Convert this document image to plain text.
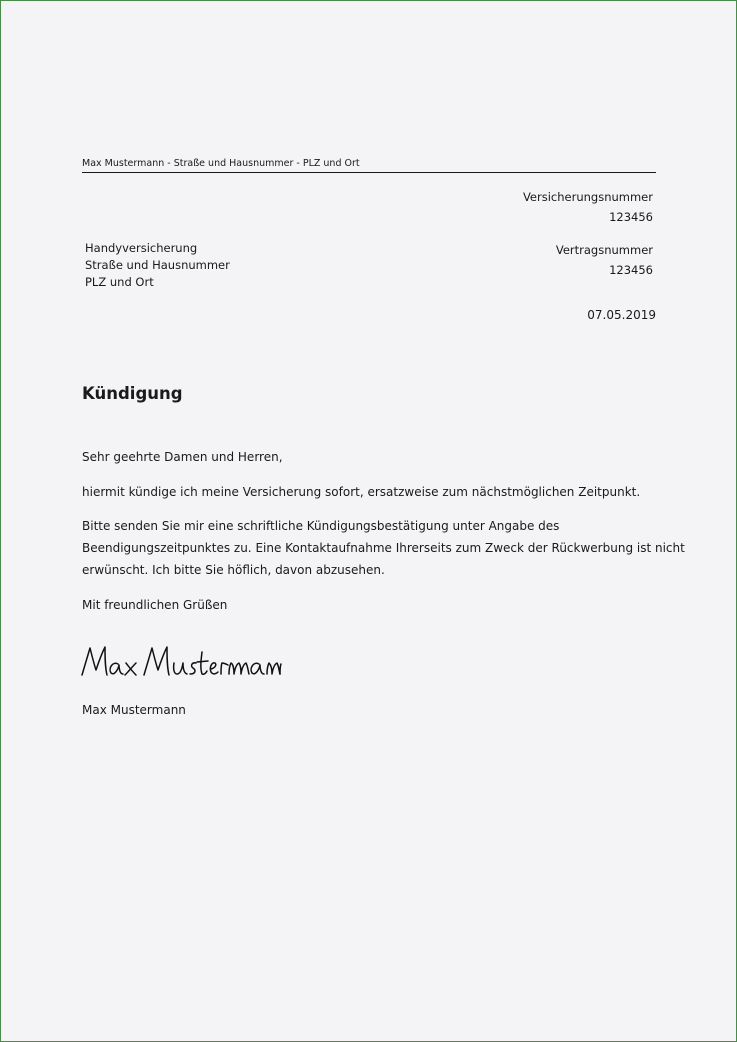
Max Mustermann - Straße und Hausnummer - PLZ und Ort
Versicherungsnummer
123456
Vertragsnummer
123456
Handyversicherung
Straße und Hausnummer
PLZ und Ort
07.05.2019
Kündigung
Sehr geehrte Damen und Herren,
hiermit kündige ich meine Versicherung sofort, ersatzweise zum nächstmöglichen Zeitpunkt.
Bitte senden Sie mir eine schriftliche Kündigungsbestätigung unter Angabe des
Beendigungszeitpunktes zu. Eine Kontaktaufnahme Ihrerseits zum Zweck der Rückwerbung ist nicht
erwünscht. Ich bitte Sie höflich, davon abzusehen.
Mit freundlichen Grüßen
Max Mustermann
